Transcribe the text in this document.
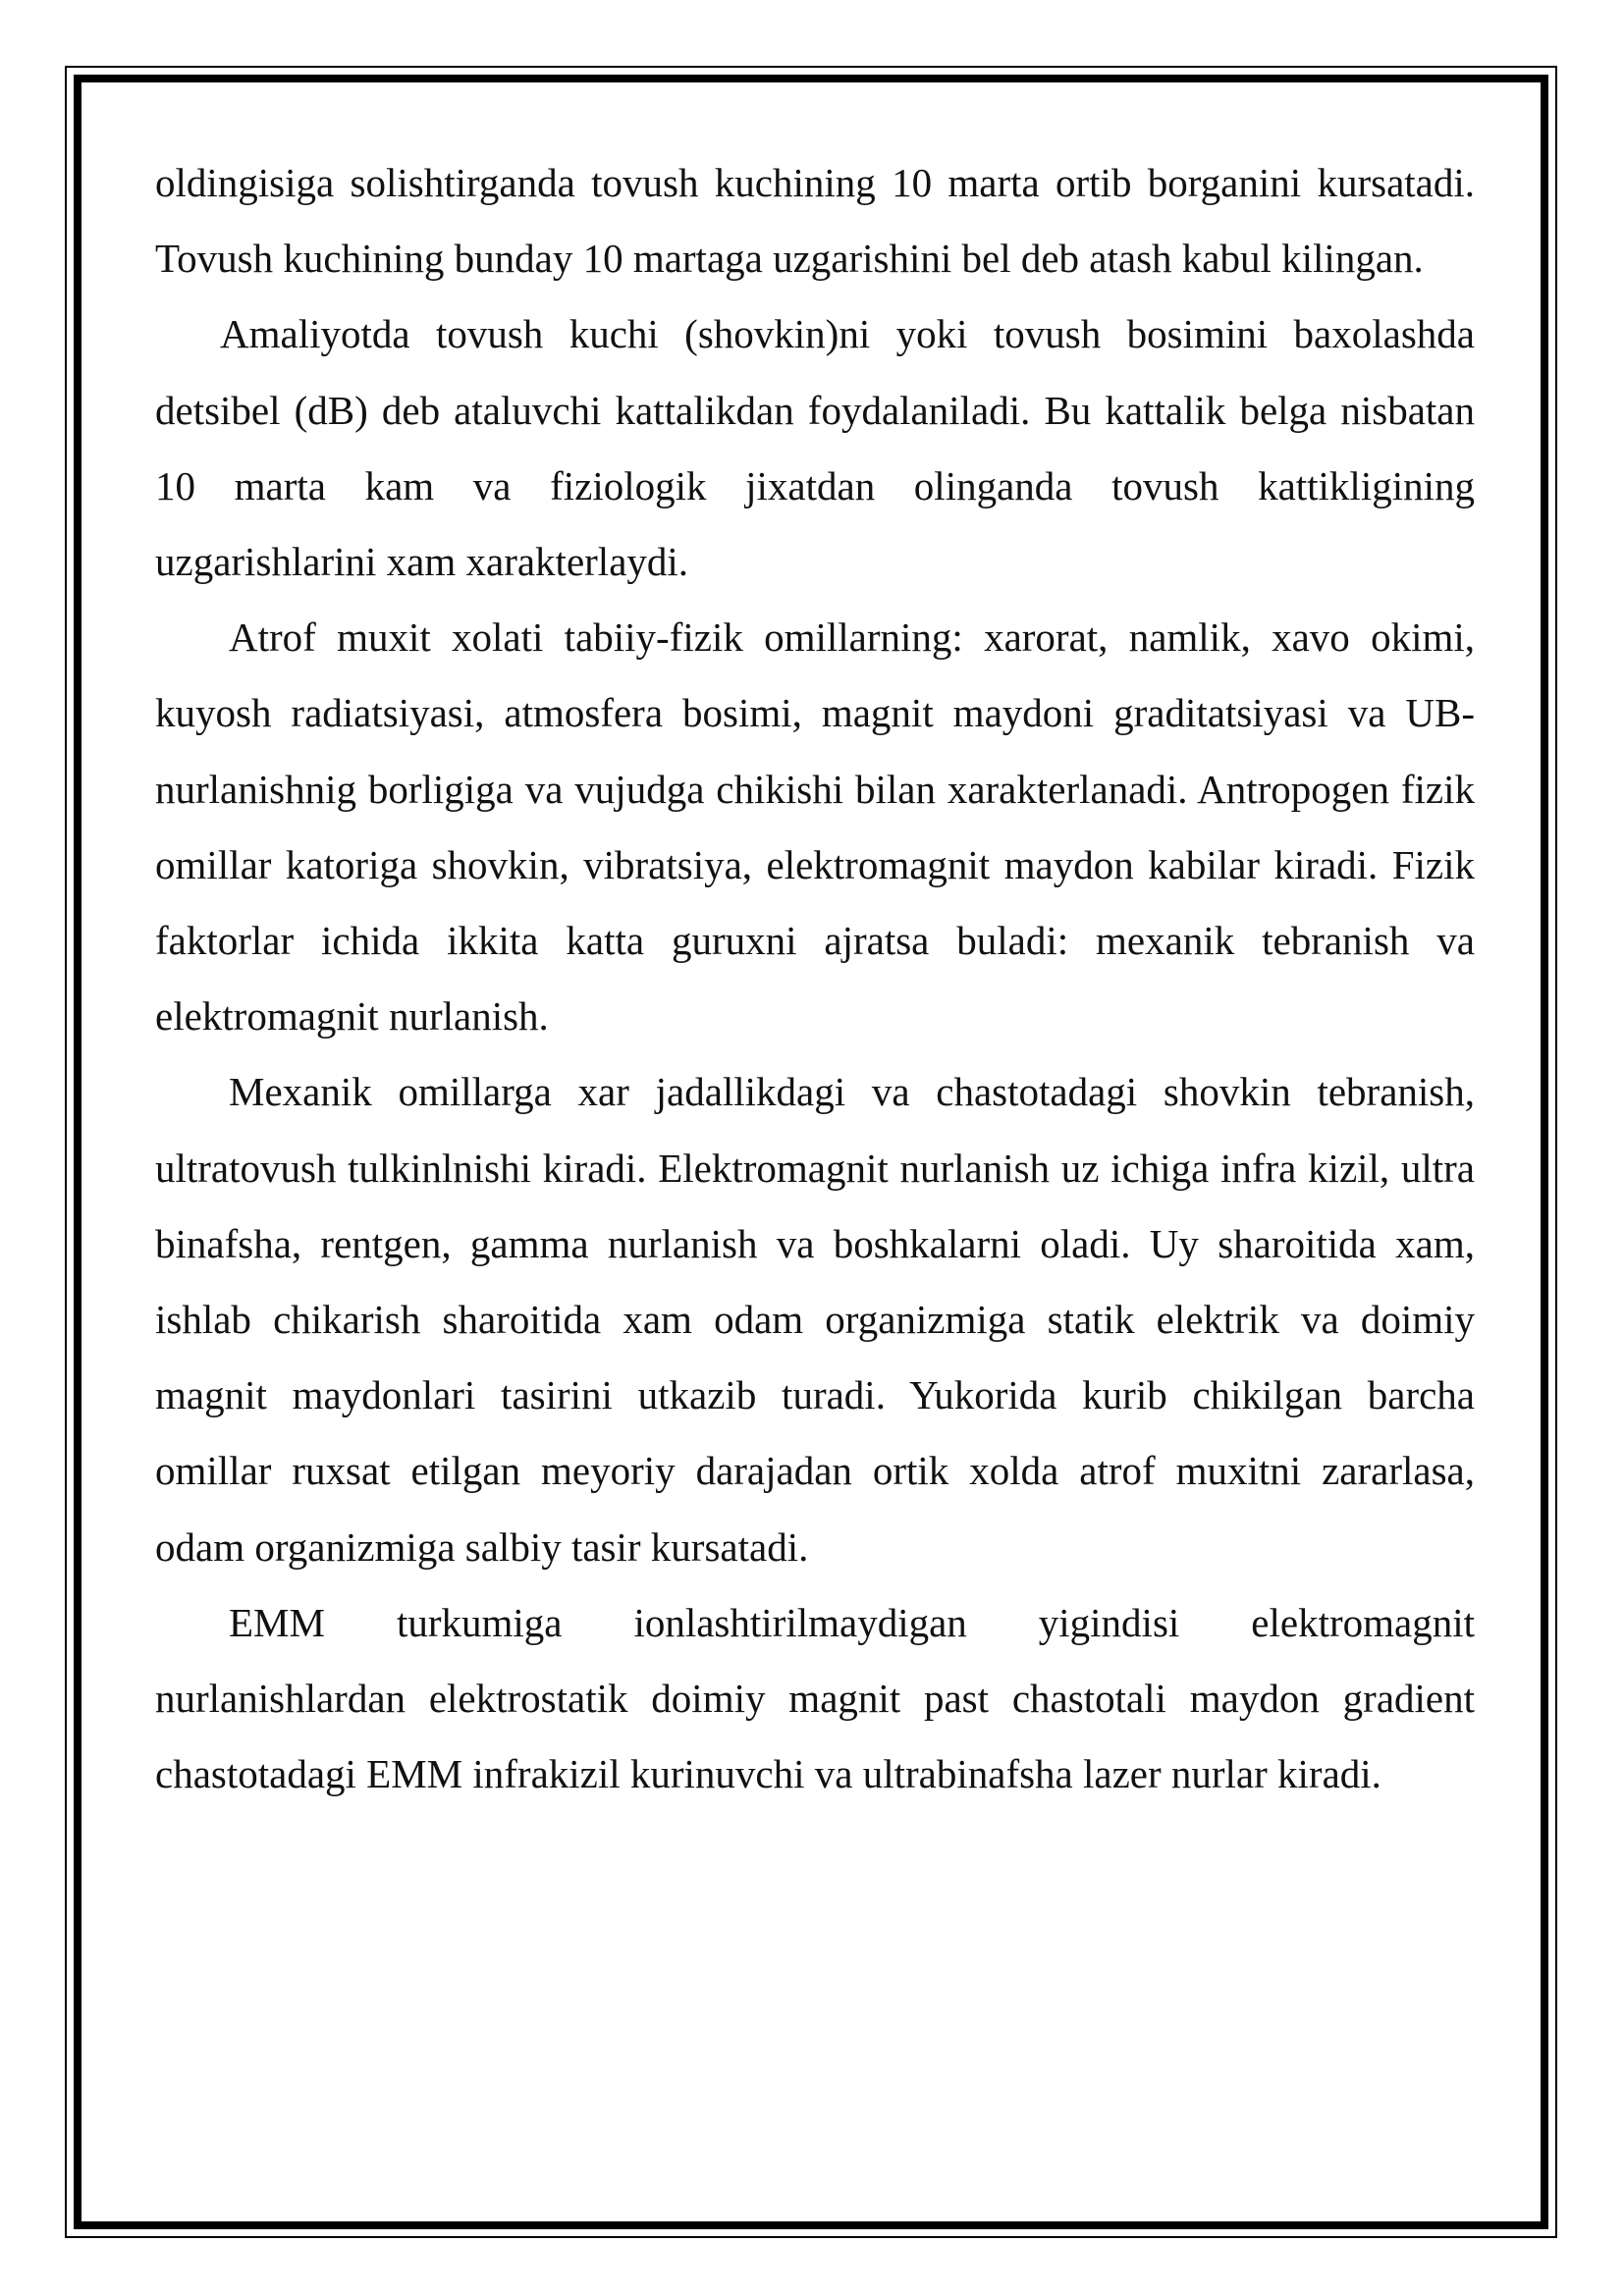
oldingisiga solishtirganda tovush kuchining 10 marta ortib borganini kursatadi. Tovush kuchining bunday 10 martaga uzgarishini bel deb atash kabul kilingan.

Amaliyotda tovush kuchi (shovkin)ni yoki tovush bosimini baxolashda detsibel (dB) deb ataluvchi kattalikdan foydalaniladi. Bu kattalik belga nisbatan 10 marta kam va fiziologik jixatdan olinganda tovush kattikligining uzgarishlarini xam xarakterlaydi.

Atrof muxit xolati tabiiy-fizik omillarning: xarorat, namlik, xavo okimi, kuyosh radiatsiyasi, atmosfera bosimi, magnit maydoni graditatsiyasi va UB-nurlanishnig borligiga va vujudga chikishi bilan xarakterlanadi. Antropogen fizik omillar katoriga shovkin, vibratsiya, elektromagnit maydon kabilar kiradi. Fizik faktorlar ichida ikkita katta guruxni ajratsa buladi: mexanik tebranish va elektromagnit nurlanish.

Mexanik omillarga xar jadallikdagi va chastotadagi shovkin tebranish, ultratovush tulkinlnishi kiradi. Elektromagnit nurlanish uz ichiga infra kizil, ultra binafsha, rentgen, gamma nurlanish va boshkalarni oladi. Uy sharoitida xam, ishlab chikarish sharoitida xam odam organizmiga statik elektrik va doimiy magnit maydonlari tasirini utkazib turadi. Yukorida kurib chikilgan barcha omillar ruxsat etilgan meyoriy darajadan ortik xolda atrof muxitni zararlasa, odam organizmiga salbiy tasir kursatadi.

EMM turkumiga ionlashtirilmaydigan yigindisi elektromagnit nurlanishlardan elektrostatik doimiy magnit past chastotali maydon gradient chastotadagi EMM infrakizil kurinuvchi va ultrabinafsha lazer nurlar kiradi.
